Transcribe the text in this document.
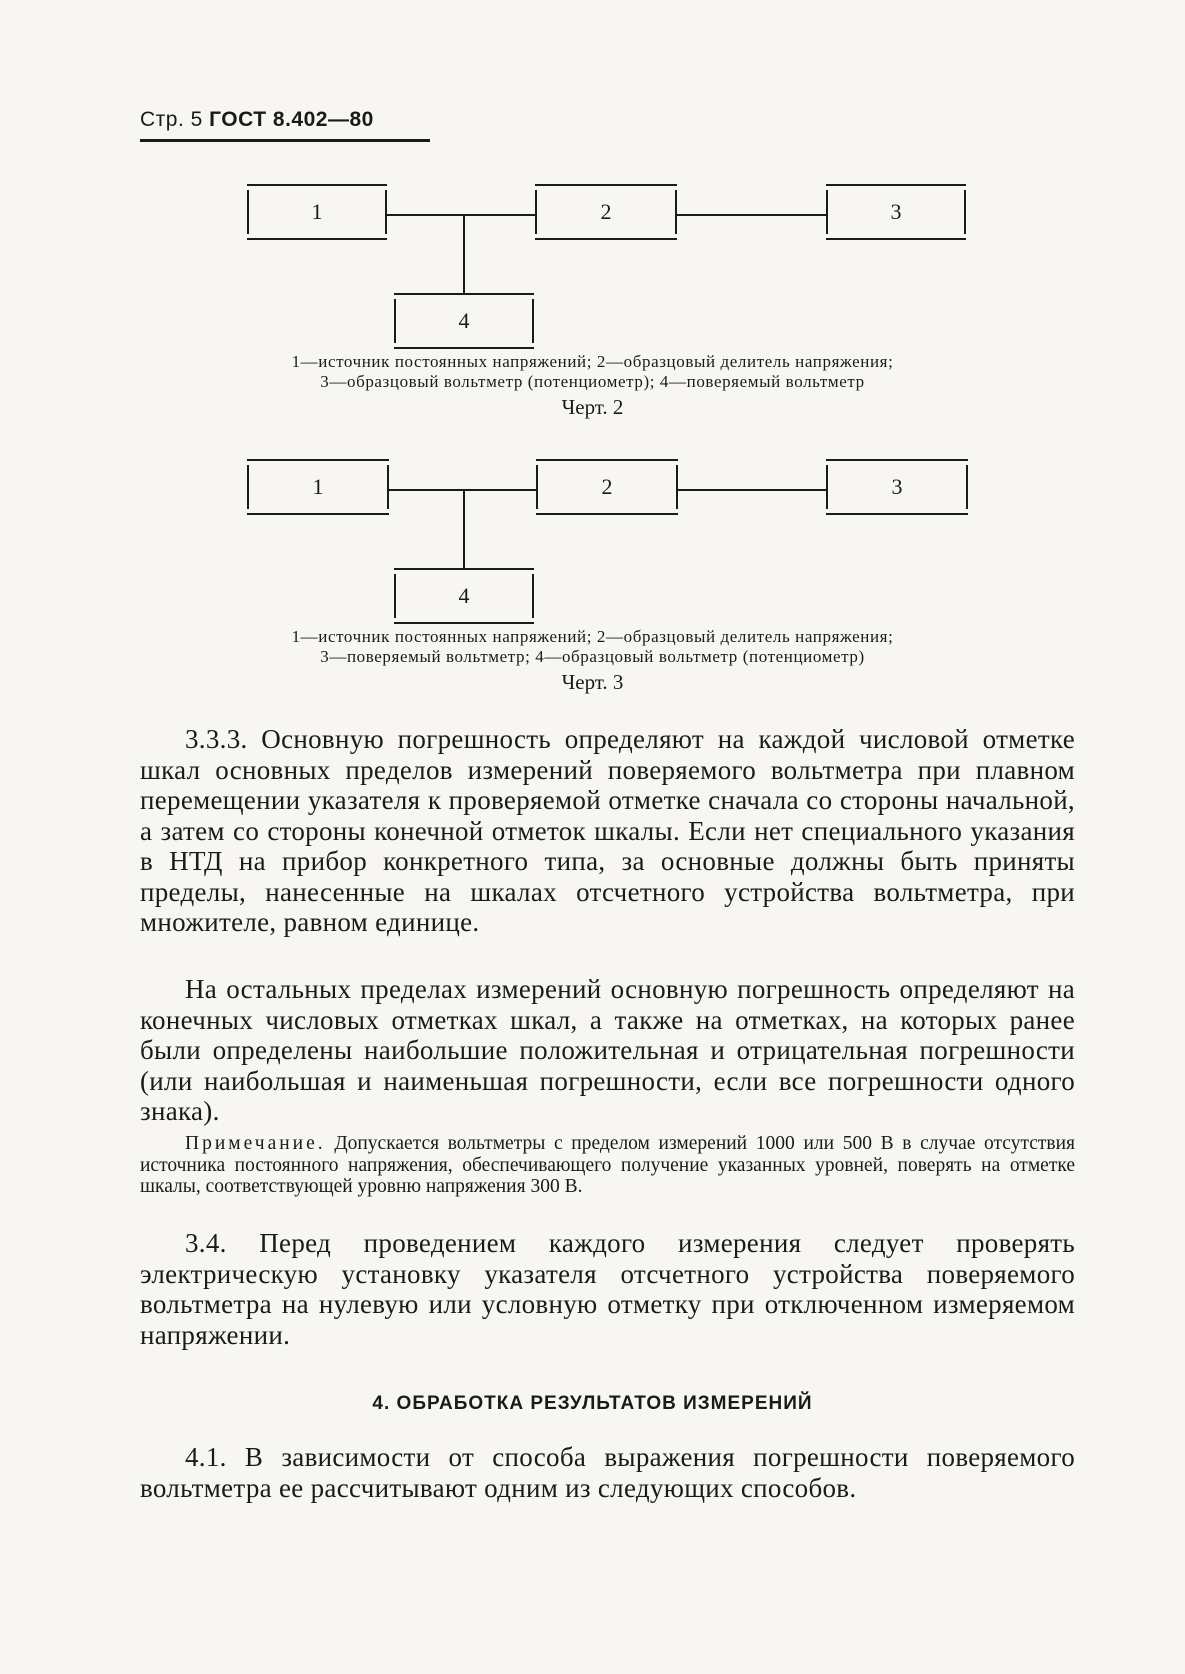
Стр. 5 ГОСТ 8.402—80
1	2	3
4
1—источник постоянных напряжений; 2—образцовый делитель напряжения;
3—образцовый вольтметр (потенциометр); 4—поверяемый вольтметр
Черт. 2
1	2	3
4
1—источник постоянных напряжений; 2—образцовый делитель напряжения;
3—поверяемый вольтметр; 4—образцовый вольтметр (потенциометр)
Черт. 3

3.3.3. Основную погрешность определяют на каждой числовой отметке шкал основных пределов измерений поверяемого вольтметра при плавном перемещении указателя к проверяемой отметке сначала со стороны начальной, а затем со стороны конечной отметок шкалы. Если нет специального указания в НТД на прибор конкретного типа, за основные должны быть приняты пределы, нанесенные на шкалах отсчетного устройства вольтметра, при множителе, равном единице.

На остальных пределах измерений основную погрешность определяют на конечных числовых отметках шкал, а также на отметках, на которых ранее были определены наибольшие положительная и отрицательная погрешности (или наибольшая и наименьшая погрешности, если все погрешности одного знака).

Примечание. Допускается вольтметры с пределом измерений 1000 или 500 В в случае отсутствия источника постоянного напряжения, обеспечивающего получение указанных уровней, поверять на отметке шкалы, соответствующей уровню напряжения 300 В.

3.4. Перед проведением каждого измерения следует проверять электрическую установку указателя отсчетного устройства поверяемого вольтметра на нулевую или условную отметку при отключенном измеряемом напряжении.

4. ОБРАБОТКА РЕЗУЛЬТАТОВ ИЗМЕРЕНИЙ

4.1. В зависимости от способа выражения погрешности поверяемого вольтметра ее рассчитывают одним из следующих способов.
